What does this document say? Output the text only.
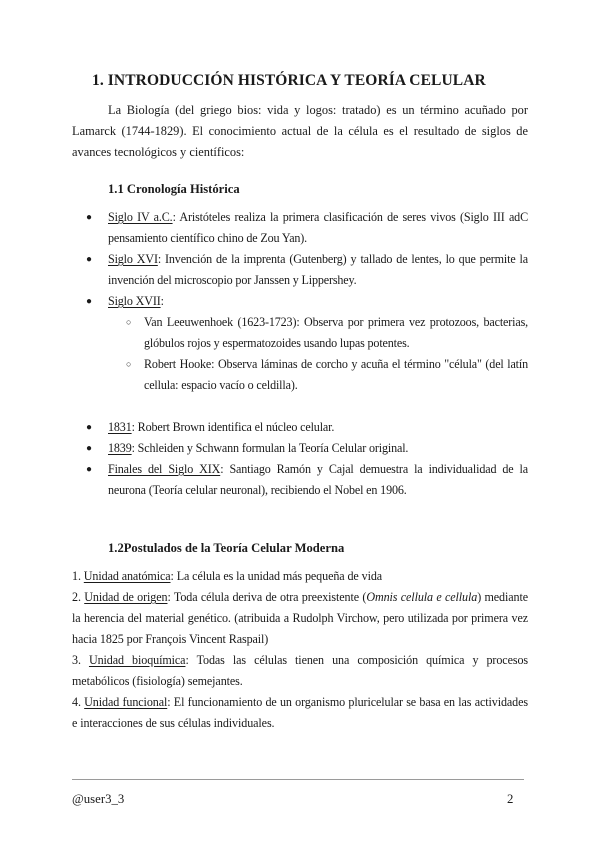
1. INTRODUCCIÓN HISTÓRICA Y TEORÍA CELULAR

La Biología (del griego bios: vida y logos: tratado) es un término acuñado por Lamarck (1744-1829). El conocimiento actual de la célula es el resultado de siglos de avances tecnológicos y científicos:

1.1 Cronología Histórica
● Siglo IV a.C.: Aristóteles realiza la primera clasificación de seres vivos (Siglo III adC pensamiento científico chino de Zou Yan).

● Siglo XVI: Invención de la imprenta (Gutenberg) y tallado de lentes, lo que permite la invención del microscopio por Janssen y Lippershey.

● Siglo XVII:

○ Van Leeuwenhoek (1623-1723): Observa por primera vez protozoos, bacterias, glóbulos rojos y espermatozoides usando lupas potentes.

○ Robert Hooke: Observa láminas de corcho y acuña el término "célula" (del latín cellula: espacio vacío o celdilla).

● 1831: Robert Brown identifica el núcleo celular.

● 1839: Schleiden y Schwann formulan la Teoría Celular original.

● Finales del Siglo XIX: Santiago Ramón y Cajal demuestra la individualidad de la neurona (Teoría celular neuronal), recibiendo el Nobel en 1906.

1.2Postulados de la Teoría Celular Moderna

1. Unidad anatómica: La célula es la unidad más pequeña de vida

2. Unidad de origen: Toda célula deriva de otra preexistente (Omnis cellula e cellula) mediante la herencia del material genético. (atribuida a Rudolph Virchow, pero utilizada por primera vez hacia 1825 por François Vincent Raspail)

3. Unidad bioquímica: Todas las células tienen una composición química y procesos metabólicos (fisiología) semejantes.

4. Unidad funcional: El funcionamiento de un organismo pluricelular se basa en las actividades e interacciones de sus células individuales.

@user3_3	2
